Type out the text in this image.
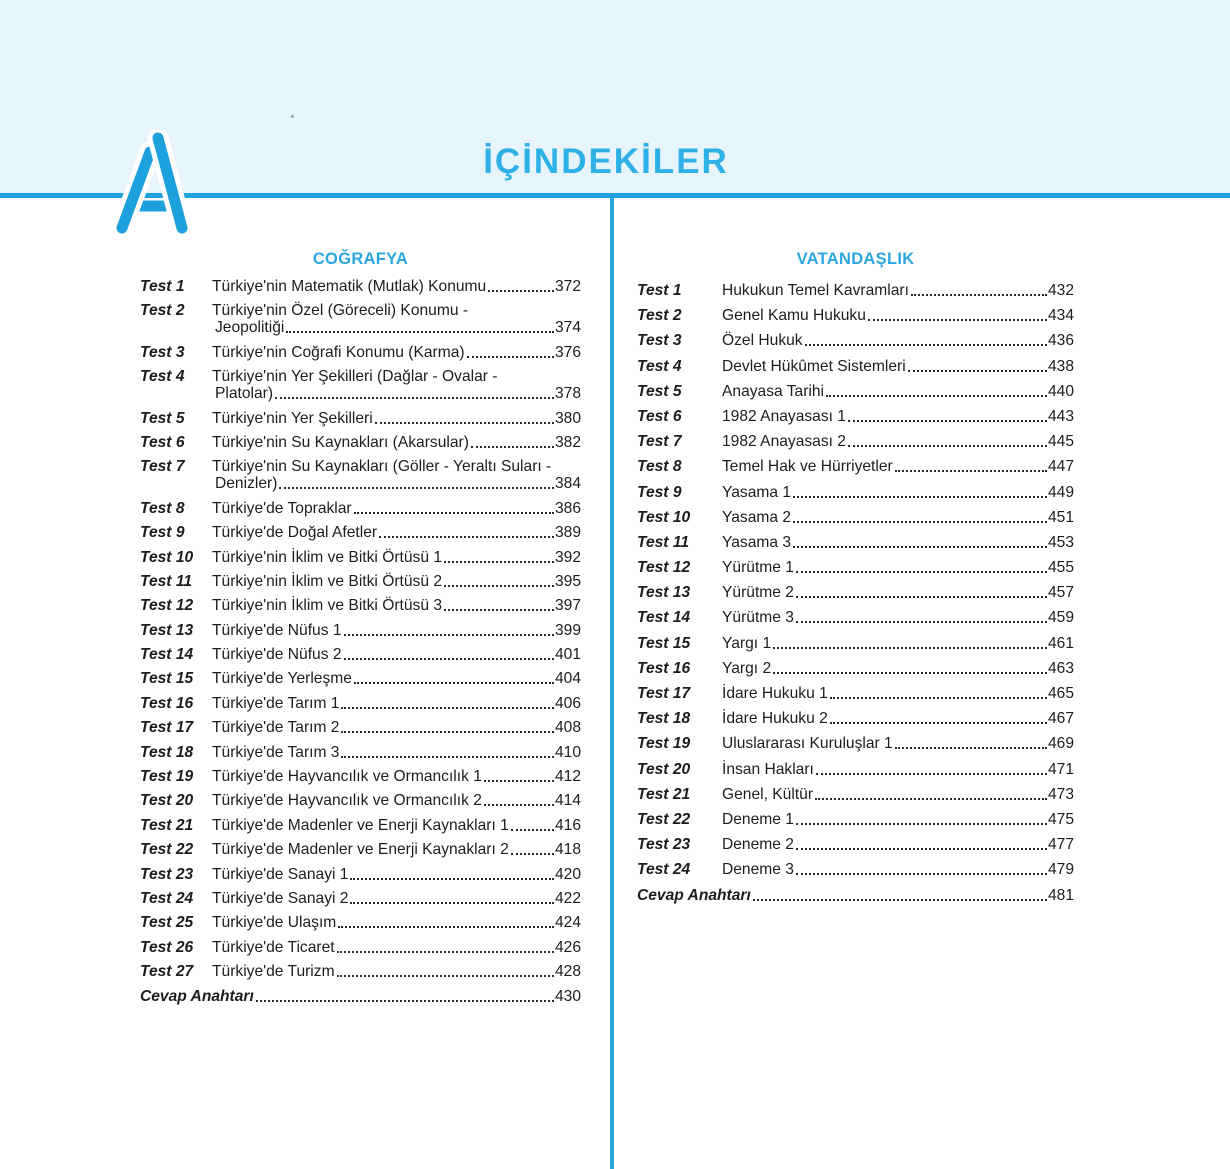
İÇİNDEKİLER
COĞRAFYA
Test 1	Türkiye'nin Matematik (Mutlak) Konumu	372
Test 2	Türkiye'nin Özel (Göreceli) Konumu -
Jeopolitiği	374
Test 3	Türkiye'nin Coğrafi Konumu (Karma)	376
Test 4	Türkiye'nin Yer Şekilleri (Dağlar - Ovalar -
Platolar)	378
Test 5	Türkiye'nin Yer Şekilleri	380
Test 6	Türkiye'nin Su Kaynakları (Akarsular)	382
Test 7	Türkiye'nin Su Kaynakları (Göller - Yeraltı Suları -
Denizler)	384
Test 8	Türkiye'de Topraklar	386
Test 9	Türkiye'de Doğal Afetler	389
Test 10	Türkiye'nin İklim ve Bitki Örtüsü 1	392
Test 11	Türkiye'nin İklim ve Bitki Örtüsü 2	395
Test 12	Türkiye'nin İklim ve Bitki Örtüsü 3	397
Test 13	Türkiye'de Nüfus 1	399
Test 14	Türkiye'de Nüfus 2	401
Test 15	Türkiye'de Yerleşme	404
Test 16	Türkiye'de Tarım 1	406
Test 17	Türkiye'de Tarım 2	408
Test 18	Türkiye'de Tarım 3	410
Test 19	Türkiye'de Hayvancılık ve Ormancılık 1	412
Test 20	Türkiye'de Hayvancılık ve Ormancılık 2	414
Test 21	Türkiye'de Madenler ve Enerji Kaynakları 1	416
Test 22	Türkiye'de Madenler ve Enerji Kaynakları 2	418
Test 23	Türkiye'de Sanayi 1	420
Test 24	Türkiye'de Sanayi 2	422
Test 25	Türkiye'de Ulaşım	424
Test 26	Türkiye'de Ticaret	426
Test 27	Türkiye'de Turizm	428
Cevap Anahtarı	430
VATANDAŞLIK
Test 1	Hukukun Temel Kavramları	432
Test 2	Genel Kamu Hukuku	434
Test 3	Özel Hukuk	436
Test 4	Devlet Hükûmet Sistemleri	438
Test 5	Anayasa Tarihi	440
Test 6	1982 Anayasası 1	443
Test 7	1982 Anayasası 2	445
Test 8	Temel Hak ve Hürriyetler	447
Test 9	Yasama 1	449
Test 10	Yasama 2	451
Test 11	Yasama 3	453
Test 12	Yürütme 1	455
Test 13	Yürütme 2	457
Test 14	Yürütme 3	459
Test 15	Yargı 1	461
Test 16	Yargı 2	463
Test 17	İdare Hukuku 1	465
Test 18	İdare Hukuku 2	467
Test 19	Uluslararası Kuruluşlar 1	469
Test 20	İnsan Hakları	471
Test 21	Genel, Kültür	473
Test 22	Deneme 1	475
Test 23	Deneme 2	477
Test 24	Deneme 3	479
Cevap Anahtarı	481
